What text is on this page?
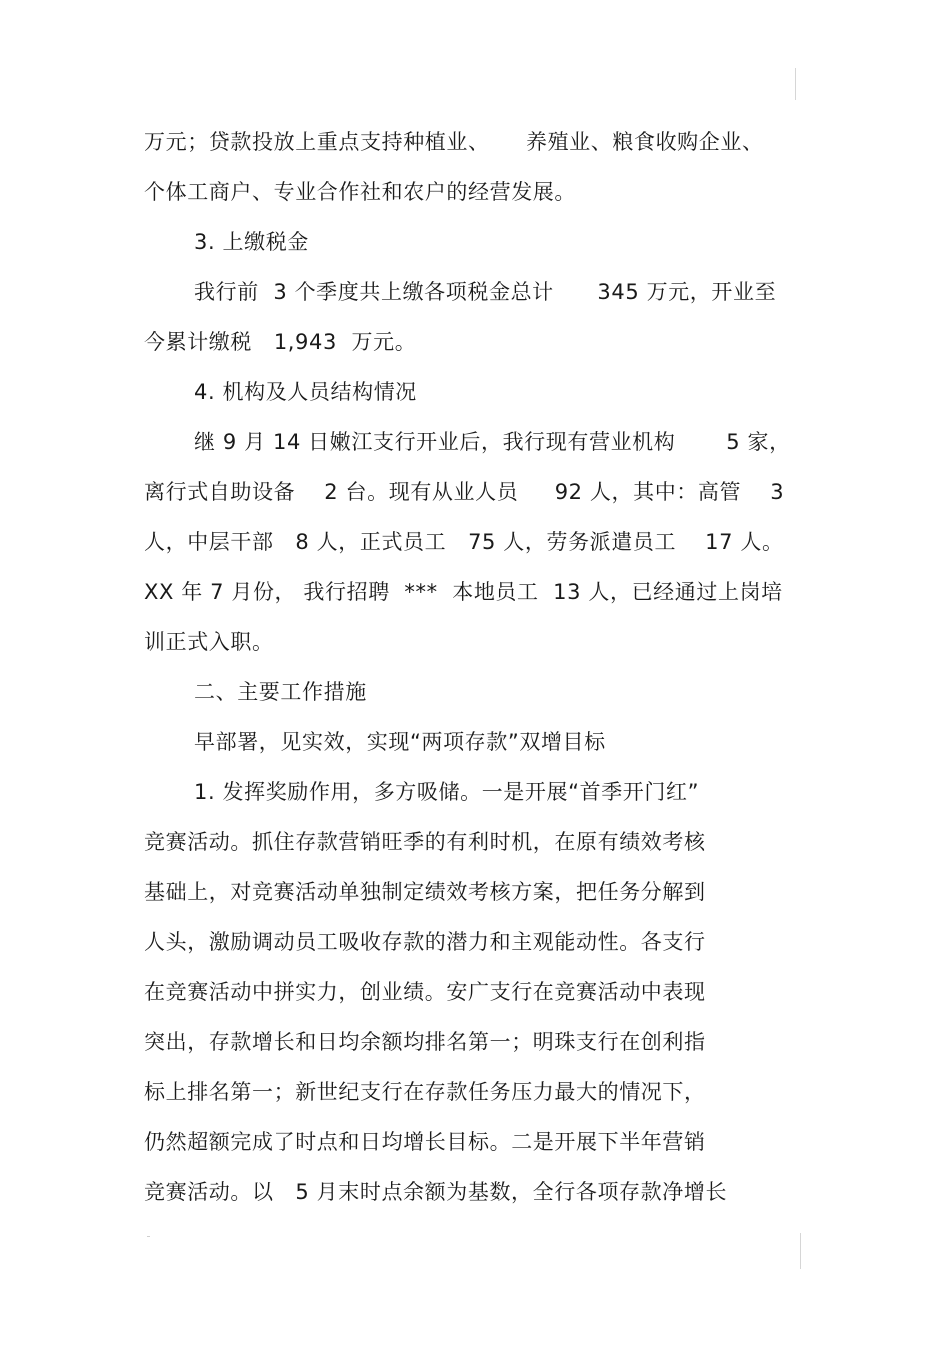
万元；贷款投放上重点支持种植业、     养殖业、粮食收购企业、
个体工商户、专业合作社和农户的经营发展。
3. 上缴税金
我行前  3 个季度共上缴各项税金总计      345 万元，开业至
今累计缴税   1,943  万元。
4. 机构及人员结构情况
继 9 月 14 日嫩江支行开业后，我行现有营业机构       5 家，
离行式自助设备    2 台。现有从业人员     92 人，其中：高管    3
人，中层干部   8 人，正式员工   75 人，劳务派遣员工    17 人。
XX 年 7 月份， 我行招聘  ***  本地员工  13 人，已经通过上岗培
训正式入职。
二、主要工作措施
早部署，见实效，实现“两项存款”双增目标
1. 发挥奖励作用，多方吸储。一是开展“首季开门红”
竞赛活动。抓住存款营销旺季的有利时机，在原有绩效考核
基础上，对竞赛活动单独制定绩效考核方案，把任务分解到
人头，激励调动员工吸收存款的潜力和主观能动性。各支行
在竞赛活动中拼实力，创业绩。安广支行在竞赛活动中表现
突出，存款增长和日均余额均排名第一；明珠支行在创利指
标上排名第一；新世纪支行在存款任务压力最大的情况下，
仍然超额完成了时点和日均增长目标。二是开展下半年营销
竞赛活动。以   5 月末时点余额为基数，全行各项存款净增长
